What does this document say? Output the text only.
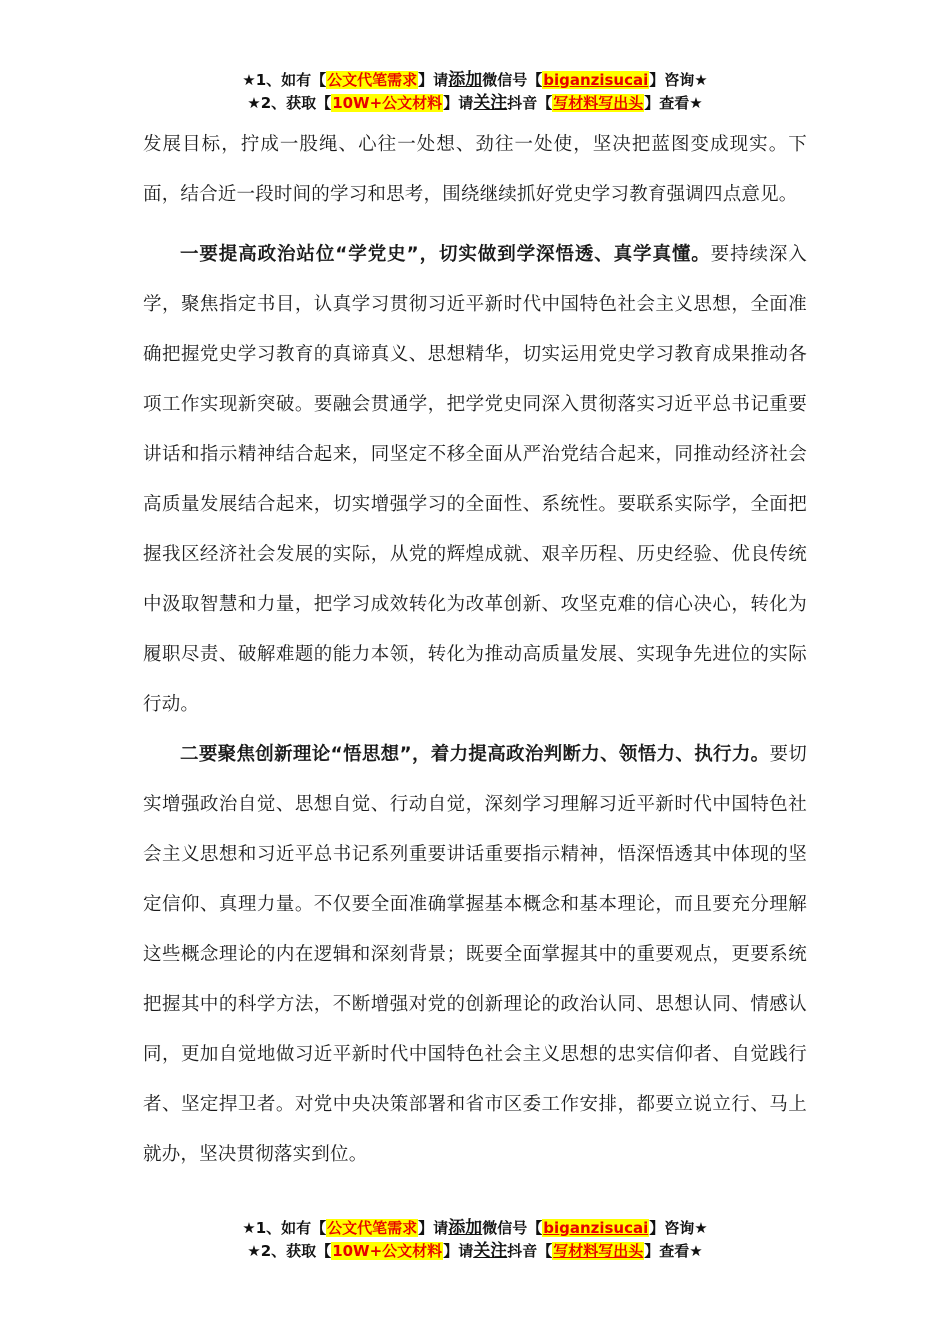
★1、如有【公文代笔需求】请添加微信号【biganzisucai】咨询★
★2、获取【10W+公文材料】请关注抖音【写材料写出头】查看★

发展目标，拧成一股绳、心往一处想、劲往一处使，坚决把蓝图变成现实。下面，结合近一段时间的学习和思考，围绕继续抓好党史学习教育强调四点意见。

一要提高政治站位“学党史”，切实做到学深悟透、真学真懂。要持续深入学，聚焦指定书目，认真学习贯彻习近平新时代中国特色社会主义思想，全面准确把握党史学习教育的真谛真义、思想精华，切实运用党史学习教育成果推动各项工作实现新突破。要融会贯通学，把学党史同深入贯彻落实习近平总书记重要讲话和指示精神结合起来，同坚定不移全面从严治党结合起来，同推动经济社会高质量发展结合起来，切实增强学习的全面性、系统性。要联系实际学，全面把握我区经济社会发展的实际，从党的辉煌成就、艰辛历程、历史经验、优良传统中汲取智慧和力量，把学习成效转化为改革创新、攻坚克难的信心决心，转化为履职尽责、破解难题的能力本领，转化为推动高质量发展、实现争先进位的实际行动。

二要聚焦创新理论“悟思想”，着力提高政治判断力、领悟力、执行力。要切实增强政治自觉、思想自觉、行动自觉，深刻学习理解习近平新时代中国特色社会主义思想和习近平总书记系列重要讲话重要指示精神，悟深悟透其中体现的坚定信仰、真理力量。不仅要全面准确掌握基本概念和基本理论，而且要充分理解这些概念理论的内在逻辑和深刻背景；既要全面掌握其中的重要观点，更要系统把握其中的科学方法，不断增强对党的创新理论的政治认同、思想认同、情感认同，更加自觉地做习近平新时代中国特色社会主义思想的忠实信仰者、自觉践行者、坚定捍卫者。对党中央决策部署和省市区委工作安排，都要立说立行、马上就办，坚决贯彻落实到位。

★1、如有【公文代笔需求】请添加微信号【biganzisucai】咨询★
★2、获取【10W+公文材料】请关注抖音【写材料写出头】查看★
